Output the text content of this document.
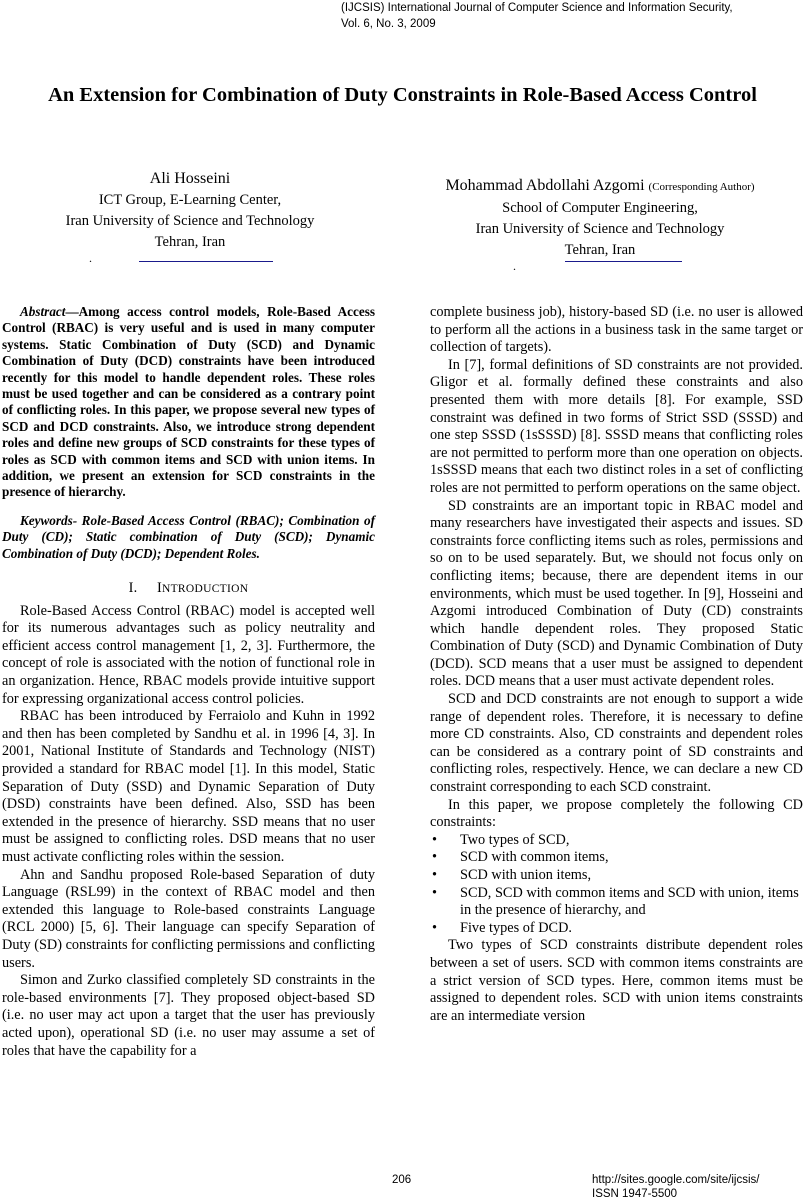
(IJCSIS) International Journal of Computer Science and Information Security,
Vol. 6, No. 3, 2009
An Extension for Combination of Duty Constraints in Role-Based Access Control
Ali Hosseini
ICT Group, E-Learning Center,
Iran University of Science and Technology
Tehran, Iran
.
Mohammad Abdollahi Azgomi (Corresponding Author)
School of Computer Engineering,
Iran University of Science and Technology
Tehran, Iran
.

Abstract—Among access control models, Role-Based Access Control (RBAC) is very useful and is used in many computer systems. Static Combination of Duty (SCD) and Dynamic Combination of Duty (DCD) constraints have been introduced recently for this model to handle dependent roles. These roles must be used together and can be considered as a contrary point of conflicting roles. In this paper, we propose several new types of SCD and DCD constraints. Also, we introduce strong dependent roles and define new groups of SCD constraints for these types of roles as SCD with common items and SCD with union items. In addition, we present an extension for SCD constraints in the presence of hierarchy.

Keywords- Role-Based Access Control (RBAC); Combination of Duty (CD); Static combination of Duty (SCD); Dynamic Combination of Duty (DCD); Dependent Roles.

I. INTRODUCTION

Role-Based Access Control (RBAC) model is accepted well for its numerous advantages such as policy neutrality and efficient access control management [1, 2, 3]. Furthermore, the concept of role is associated with the notion of functional role in an organization. Hence, RBAC models provide intuitive support for expressing organizational access control policies.

RBAC has been introduced by Ferraiolo and Kuhn in 1992 and then has been completed by Sandhu et al. in 1996 [4, 3]. In 2001, National Institute of Standards and Technology (NIST) provided a standard for RBAC model [1]. In this model, Static Separation of Duty (SSD) and Dynamic Separation of Duty (DSD) constraints have been defined. Also, SSD has been extended in the presence of hierarchy. SSD means that no user must be assigned to conflicting roles. DSD means that no user must activate conflicting roles within the session.

Ahn and Sandhu proposed Role-based Separation of duty Language (RSL99) in the context of RBAC model and then extended this language to Role-based constraints Language (RCL 2000) [5, 6]. Their language can specify Separation of Duty (SD) constraints for conflicting permissions and conflicting users.

Simon and Zurko classified completely SD constraints in the role-based environments [7]. They proposed object-based SD (i.e. no user may act upon a target that the user has previously acted upon), operational SD (i.e. no user may assume a set of roles that have the capability for a

complete business job), history-based SD (i.e. no user is allowed to perform all the actions in a business task in the same target or collection of targets).

In [7], formal definitions of SD constraints are not provided. Gligor et al. formally defined these constraints and also presented them with more details [8]. For example, SSD constraint was defined in two forms of Strict SSD (SSSD) and one step SSSD (1sSSSD) [8]. SSSD means that conflicting roles are not permitted to perform more than one operation on objects. 1sSSSD means that each two distinct roles in a set of conflicting roles are not permitted to perform operations on the same object.

SD constraints are an important topic in RBAC model and many researchers have investigated their aspects and issues. SD constraints force conflicting items such as roles, permissions and so on to be used separately. But, we should not focus only on conflicting items; because, there are dependent items in our environments, which must be used together. In [9], Hosseini and Azgomi introduced Combination of Duty (CD) constraints which handle dependent roles. They proposed Static Combination of Duty (SCD) and Dynamic Combination of Duty (DCD). SCD means that a user must be assigned to dependent roles. DCD means that a user must activate dependent roles.

SCD and DCD constraints are not enough to support a wide range of dependent roles. Therefore, it is necessary to define more CD constraints. Also, CD constraints and dependent roles can be considered as a contrary point of SD constraints and conflicting roles, respectively. Hence, we can declare a new CD constraint corresponding to each SCD constraint.

In this paper, we propose completely the following CD constraints:

• Two types of SCD,
• SCD with common items,
• SCD with union items,
• SCD, SCD with common items and SCD with union, items in the presence of hierarchy, and
• Five types of DCD.

Two types of SCD constraints distribute dependent roles between a set of users. SCD with common items constraints are a strict version of SCD types. Here, common items must be assigned to dependent roles. SCD with union items constraints are an intermediate version

206	http://sites.google.com/site/ijcsis/
ISSN 1947-5500
